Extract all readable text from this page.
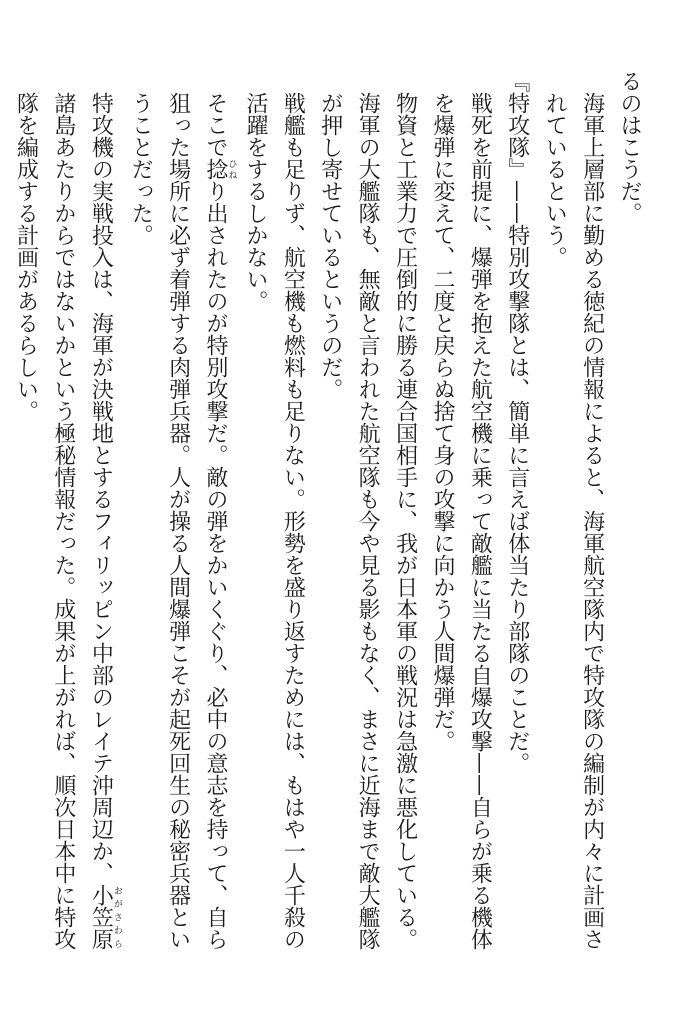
るのはこうだ。
海軍上層部に勤める徳紀の情報によると、海軍航空隊内で特攻隊の編制が内々に計画されているという。
『特攻隊』——特別攻撃隊とは、簡単に言えば体当たり部隊のことだ。
戦死を前提に、爆弾を抱えた航空機に乗って敵艦に当たる自爆攻撃——自らが乗る機体を爆弾に変えて、二度と戻らぬ捨て身の攻撃に向かう人間爆弾だ。
物資と工業力で圧倒的に勝る連合国相手に、我が日本軍の戦況は急激に悪化している。海軍の大艦隊も、無敵と言われた航空隊も今や見る影もなく、まさに近海まで敵大艦隊が押し寄せているというのだ。
戦艦も足りず、航空機も燃料も足りない。形勢を盛り返すためには、もはや一人千殺の活躍をするしかない。
そこで捻ひねり出されたのが特別攻撃だ。敵の弾をかいくぐり、必中の意志を持って、自ら狙った場所に必ず着弾する肉弾兵器。人が操る人間爆弾こそが起死回生の秘密兵器ということだった。
特攻機の実戦投入は、海軍が決戦地とするフィリッピン中部のレイテ沖周辺か、小笠原おがさわら諸島あたりからではないかという極秘情報だった。成果が上がれば、順次日本中に特攻隊を編成する計画があるらしい。
